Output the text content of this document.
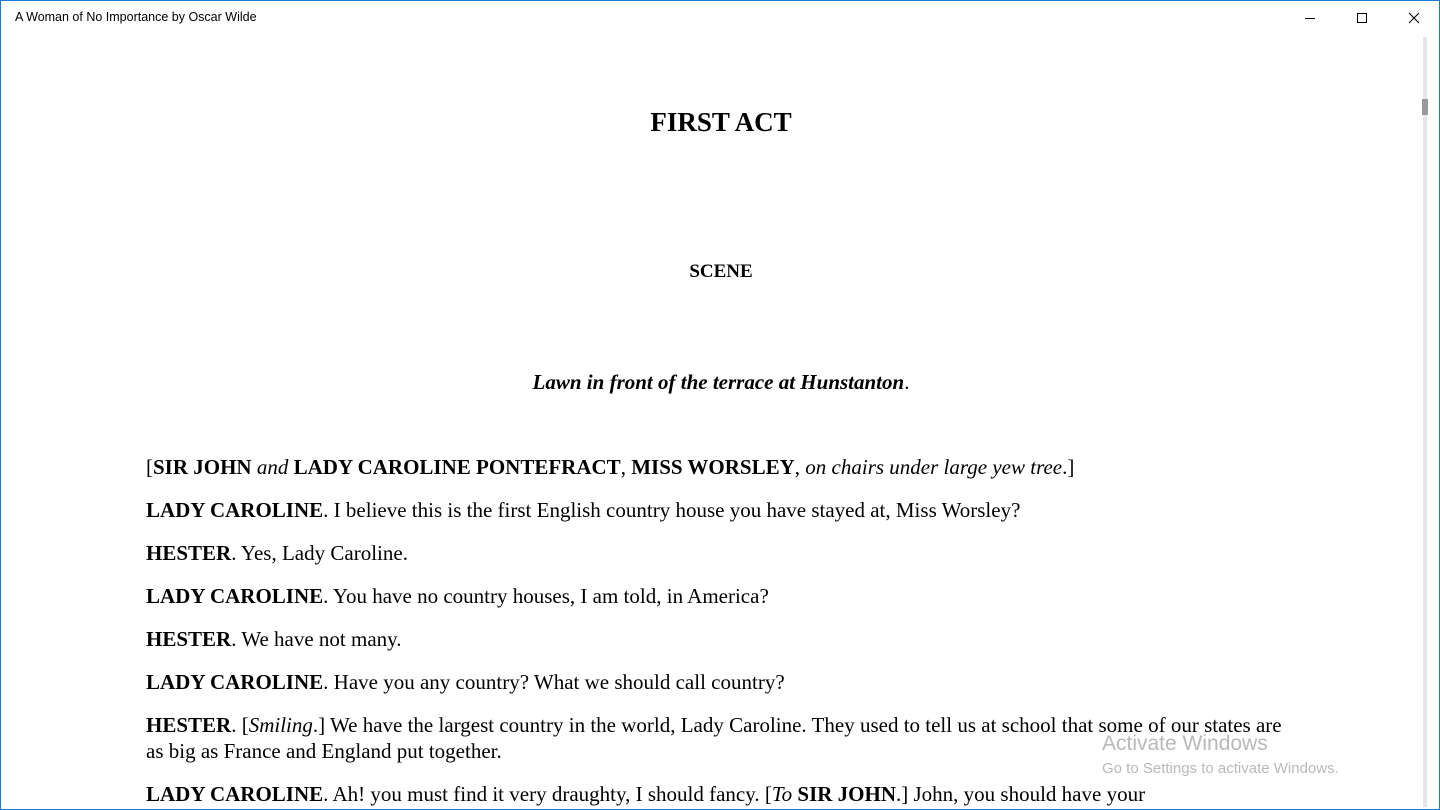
A Woman of No Importance by Oscar Wilde
FIRST ACT
SCENE
Lawn in front of the terrace at Hunstanton.
[SIR JOHN and LADY CAROLINE PONTEFRACT, MISS WORSLEY, on chairs under large yew tree.]
LADY CAROLINE. I believe this is the first English country house you have stayed at, Miss Worsley?
HESTER. Yes, Lady Caroline.
LADY CAROLINE. You have no country houses, I am told, in America?
HESTER. We have not many.
LADY CAROLINE. Have you any country? What we should call country?
HESTER. [Smiling.] We have the largest country in the world, Lady Caroline. They used to tell us at school that some of our states are as big as France and England put together.
LADY CAROLINE. Ah! you must find it very draughty, I should fancy. [To SIR JOHN.] John, you should have your
Activate Windows
Go to Settings to activate Windows.
